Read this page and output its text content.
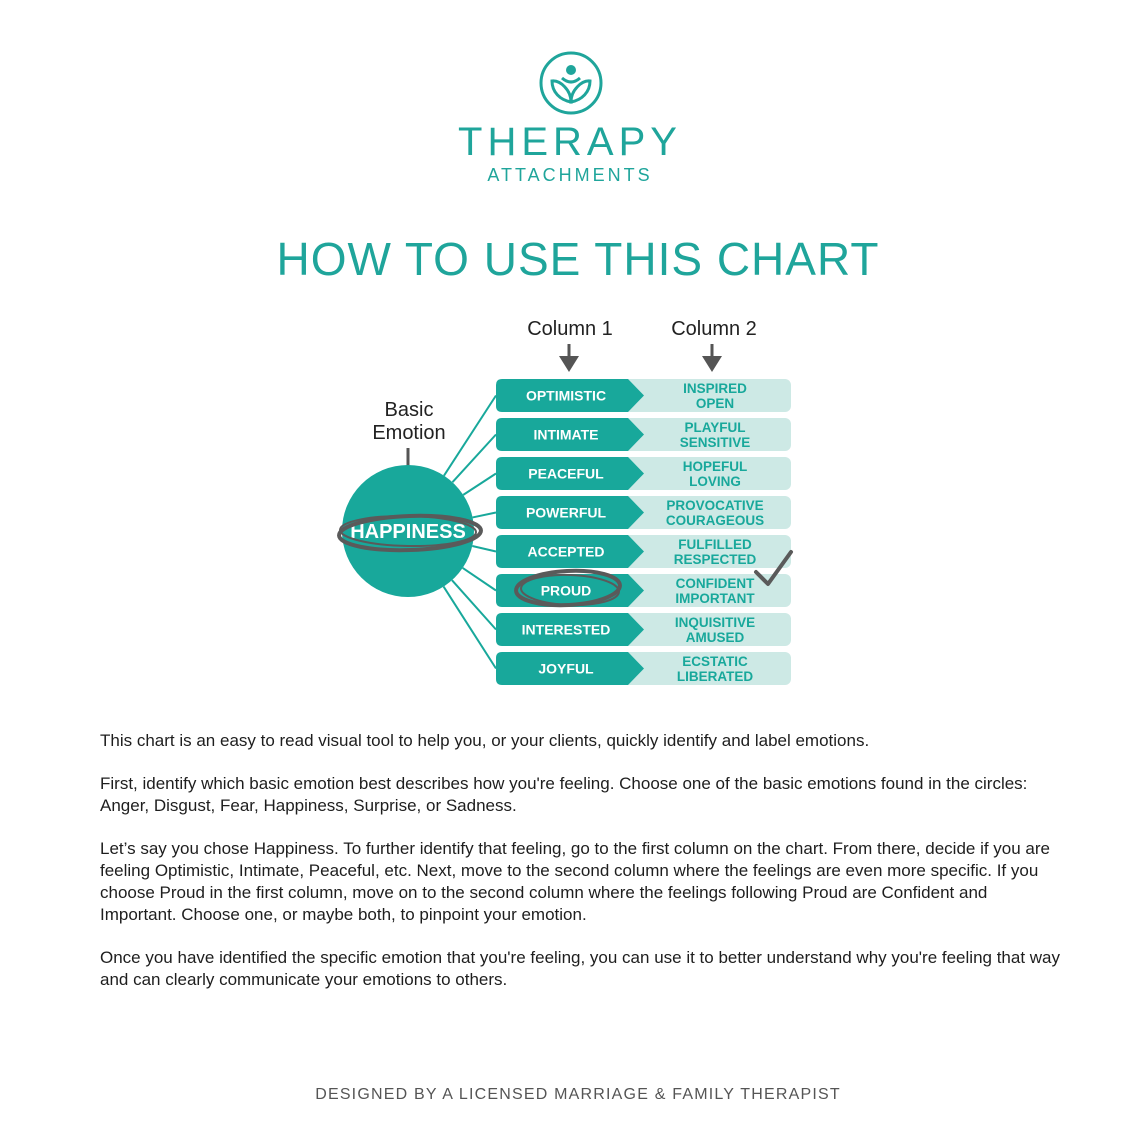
THERAPY
ATTACHMENTS
HOW TO USE THIS CHART
Column 1	Column 2
Basic
Emotion
HAPPINESS
OPTIMISTIC	INSPIRED
OPEN
INTIMATE	PLAYFUL
SENSITIVE
PEACEFUL	HOPEFUL
LOVING
POWERFUL	PROVOCATIVE
COURAGEOUS
ACCEPTED	FULFILLED
RESPECTED
PROUD	CONFIDENT
IMPORTANT
INTERESTED	INQUISITIVE
AMUSED
JOYFUL	ECSTATIC
LIBERATED

This chart is an easy to read visual tool to help you, or your clients, quickly identify and label emotions.

First, identify which basic emotion best describes how you're feeling. Choose one of the basic emotions found in the circles: Anger, Disgust, Fear, Happiness, Surprise, or Sadness.

Let’s say you chose Happiness. To further identify that feeling, go to the first column on the chart. From there, decide if you are feeling Optimistic, Intimate, Peaceful, etc. Next, move to the second column where the feelings are even more specific. If you choose Proud in the first column, move on to the second column where the feelings following Proud are Confident and Important. Choose one, or maybe both, to pinpoint your emotion.

Once you have identified the specific emotion that you're feeling, you can use it to better understand why you're feeling that way and can clearly communicate your emotions to others.

DESIGNED BY A LICENSED MARRIAGE & FAMILY THERAPIST
